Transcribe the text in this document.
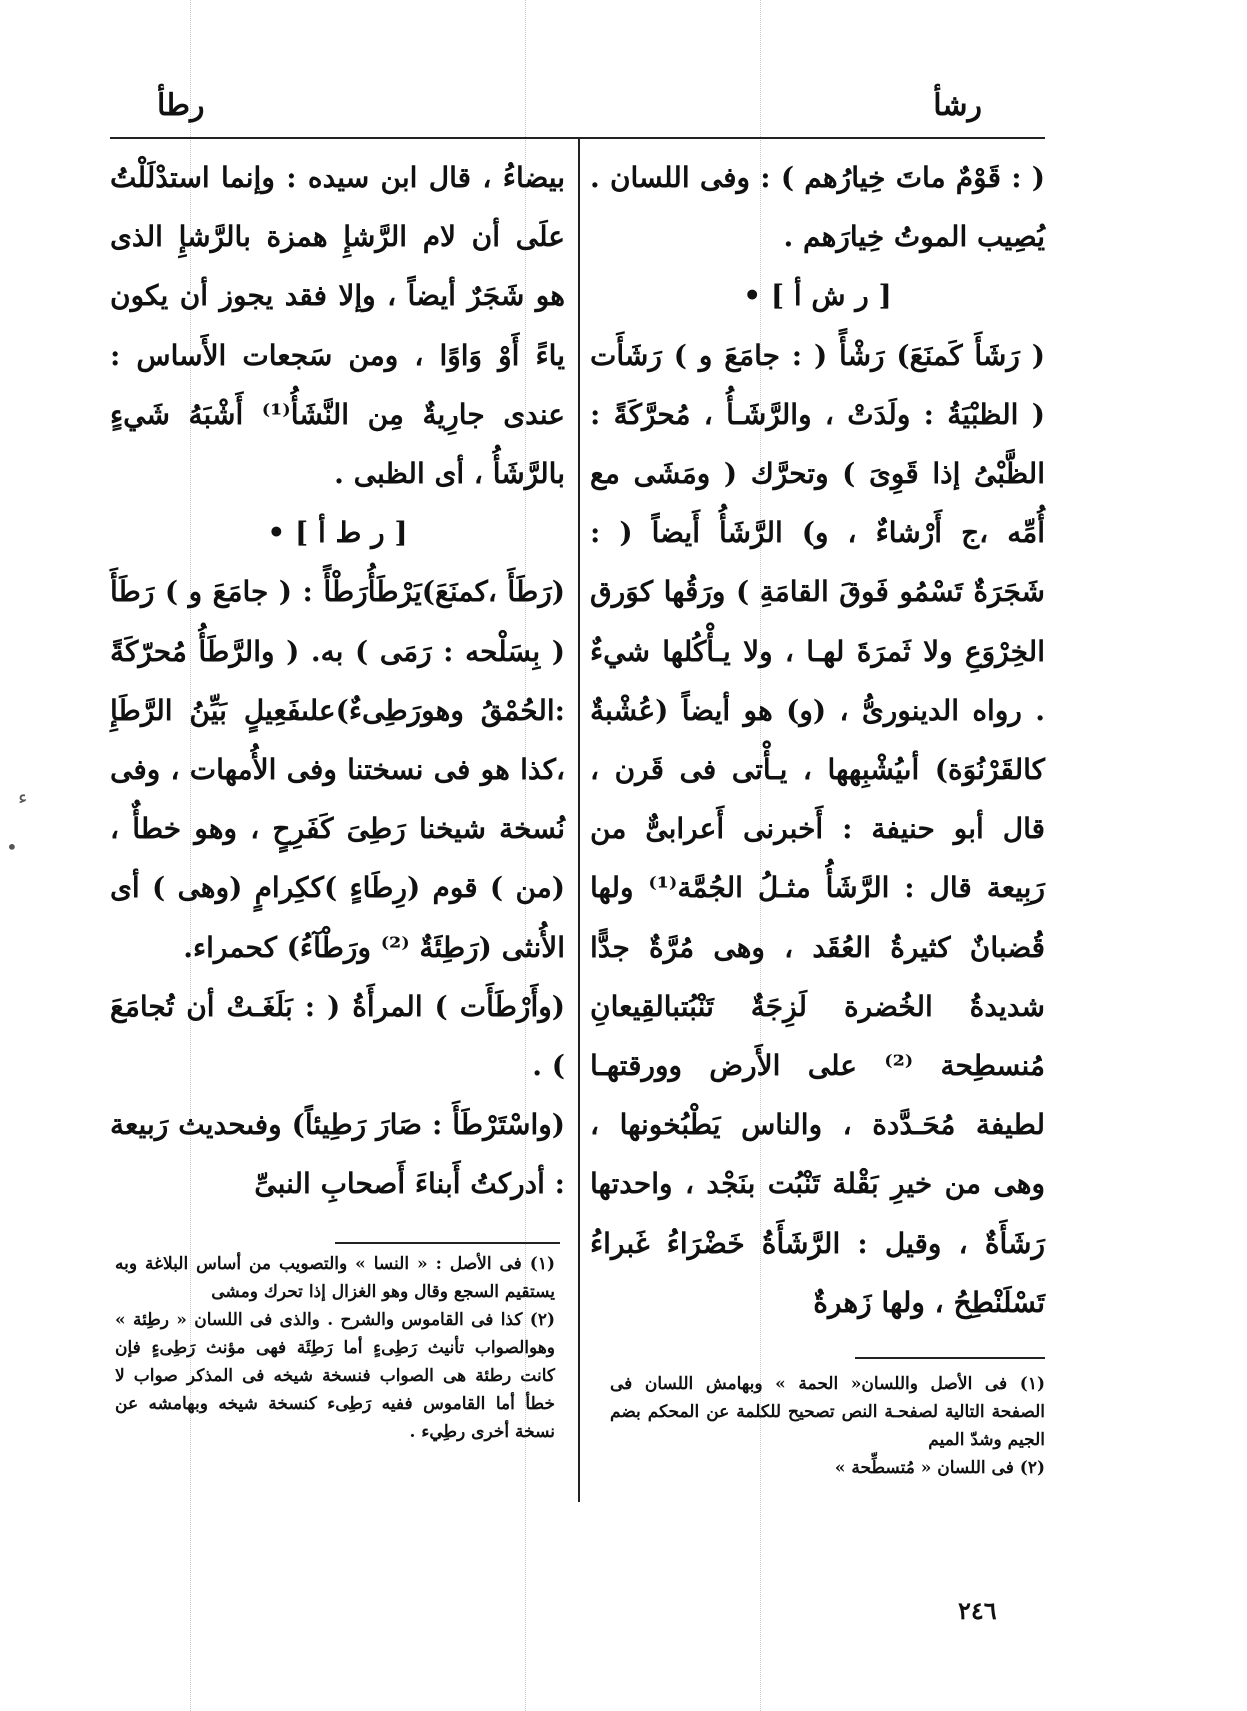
رشأ
رطأ

( : قَوْمٌ ماتَ خِيارُهم ) : وفى اللسان . يُصِيب الموتُ خِيارَهم .

[ ر ش أ ] •

( رَشَأَ كَمنَعَ) رَشْأً ( : جامَعَ و ) رَشَأَت ( الظبْيَةُ : ولَدَتْ ، والرَّشَـأُ ، مُحرَّكَةً : الظَّبْىُ إذا قَوِىَ ) وتحرَّك ( ومَشَى مع أُمِّه ،ج أَرْشاءٌ ، و) الرَّشَأُ أَيضاً ( : شَجَرَةٌ تَسْمُو فَوقَ القامَةِ ) ورَقُها كوَرق الخِرْوَعِ ولا ثَمرَةَ لهـا ، ولا يـأْكُلها شيءٌ . رواه الدينورىُّ ، (و) هو أيضاً (عُشْبةٌ كالقَرْنُوَة) أىيُشْبِهها ، يـأْتى فى قَرن ، قال أبو حنيفة : أَخبرنى أَعرابىٌّ من رَبِيعة قال : الرَّشَأُ مثـلُ الجُمَّة⁽¹⁾ ولها قُضبانٌ كثيرةُ العُقَد ، وهى مُرَّةٌ جدًّا شديدةُ الخُضرة لَزِجَةٌ تَنْبُتبالقِيعانِ مُنسطِحة ⁽²⁾ على الأَرض وورقتهـا لطيفة مُحَـدَّدة ، والناس يَطْبُخونها ، وهى من خيرِ بَقْلة تَنْبُت بنَجْد ، واحدتها رَشَأَةٌ ، وقيل : الرَّشَأَةُ خَضْرَاءُ غَبراءُ تَسْلَنْطِحُ ، ولها زَهرةٌ

بيضاءُ ، قال ابن سيده : وإنما استدْلَلْتُ علَى أن لام الرَّشإِ همزة بالرَّشإِ الذى هو شَجَرٌ أيضاً ، وإلا فقد يجوز أن يكون ياءً أَوْ وَاوًا ، ومن سَجعات الأَساس : عندى جارِيةٌ مِن النَّشَأُ⁽¹⁾ أَشْبَهُ شَيءٍ بالرَّشَأُ ، أى الظبى .

[ ر ط أ ] •

(رَطَأَ ،كمنَعَ)يَرْطَأُرَطْأً : ( جامَعَ و ) رَطَأَ ( بِسَلْحه : رَمَى ) به. ( والرَّطَأُ مُحرّكَةً :الحُمْقُ وهورَطِىءٌ)علىفَعِيلٍ بَيِّنُ الرَّطَإِ ،كذا هو فى نسختنا وفى الأُمهات ، وفى نُسخة شيخنا رَطِىَ كَفَرِحٍ ، وهو خطأٌ ، (من ) قوم (رِطَاءٍ )ككِرامٍ (وهى ) أى الأُنثى (رَطِئَةٌ ⁽²⁾ ورَطْآءُ) كحمراء.

(وأَرْطَأَت ) المرأَةُ ( : بَلَغَـتْ أن تُجامَعَ ) .

(واسْتَرْطَأَ : صَارَ رَطِيئاً) وفىحديث رَبيعة : أدركتُ أَبناءَ أَصحابِ النبىِّ

(١) فى الأصل : « النسا » والتصويب من أساس البلاغة وبه يستقيم السجع وقال وهو الغزال إذا تحرك ومشى

(٢) كذا فى القاموس والشرح . والذى فى اللسان « رطِئة » وهوالصواب تأنيث رَطِىءٍ أما رَطِئَة فهى مؤنث رَطِىءٍ فإن كانت رطئة هى الصواب فنسخة شيخه فى المذكر صواب لا خطأ أما القاموس ففيه رَطِىء كنسخة شيخه وبهامشه عن نسخة أخرى رطِيء .

(١) فى الأصل واللسان« الحمة » وبهامش اللسان فى الصفحة التالية لصفحـة النص تصحيح للكلمة عن المحكم بضم الجيم وشدّ الميم

(٢) فى اللسان « مُتسطِّحة »

٢٤٦
ء
•
